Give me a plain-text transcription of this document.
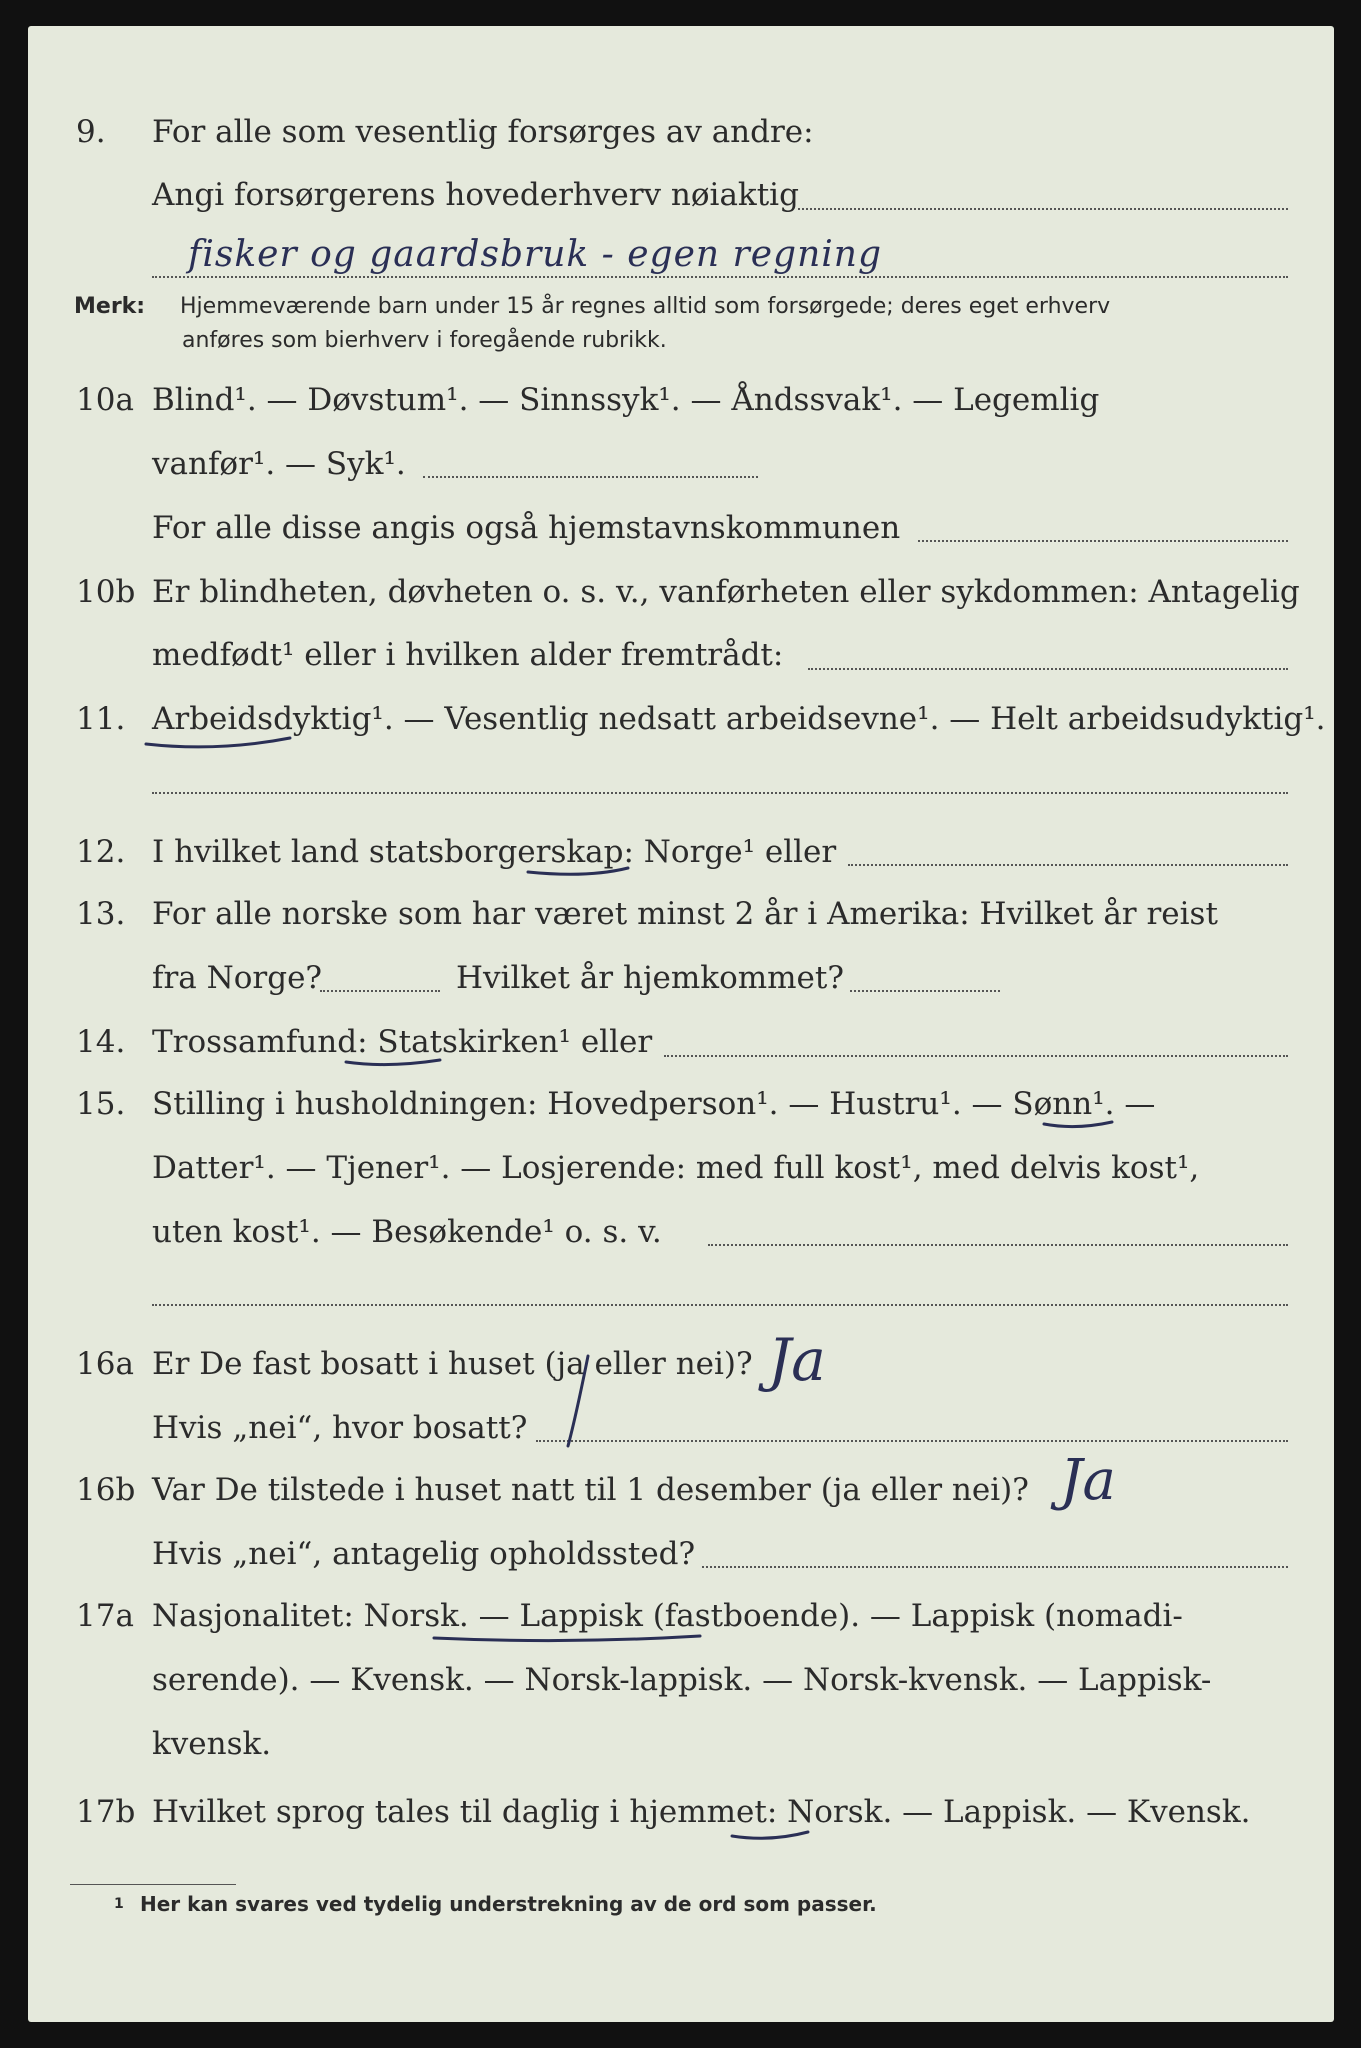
9. For alle som vesentlig forsørges av andre:
Angi forsørgerens hovederhverv nøiaktig
fisker og gaardsbruk - egen regning
Merk: Hjemmeværende barn under 15 år regnes alltid som forsørgede; deres eget erhverv
anføres som bierhverv i foregående rubrikk.
10a Blind¹. — Døvstum¹. — Sinnssyk¹. — Åndssvak¹. — Legemlig
vanfør¹. — Syk¹.
For alle disse angis også hjemstavnskommunen
10b Er blindheten, døvheten o. s. v., vanførheten eller sykdommen: Antagelig
medfødt¹ eller i hvilken alder fremtrådt:
11. Arbeidsdyktig¹. — Vesentlig nedsatt arbeidsevne¹. — Helt arbeidsudyktig¹.
12. I hvilket land statsborgerskap: Norge¹ eller
13. For alle norske som har været minst 2 år i Amerika: Hvilket år reist
fra Norge?	Hvilket år hjemkommet?
14. Trossamfund: Statskirken¹ eller
15. Stilling i husholdningen: Hovedperson¹. — Hustru¹. — Sønn¹. —
Datter¹. — Tjener¹. — Losjerende: med full kost¹, med delvis kost¹,
uten kost¹. — Besøkende¹ o. s. v.
16a Er De fast bosatt i huset (ja eller nei)? Ja
Hvis „nei“, hvor bosatt?
16b Var De tilstede i huset natt til 1 desember (ja eller nei)? Ja
Hvis „nei“, antagelig opholdssted?
17a Nasjonalitet: Norsk. — Lappisk (fastboende). — Lappisk (nomadi-
serende). — Kvensk. — Norsk-lappisk. — Norsk-kvensk. — Lappisk-
kvensk.
17b Hvilket sprog tales til daglig i hjemmet: Norsk. — Lappisk. — Kvensk.
1 Her kan svares ved tydelig understrekning av de ord som passer.
